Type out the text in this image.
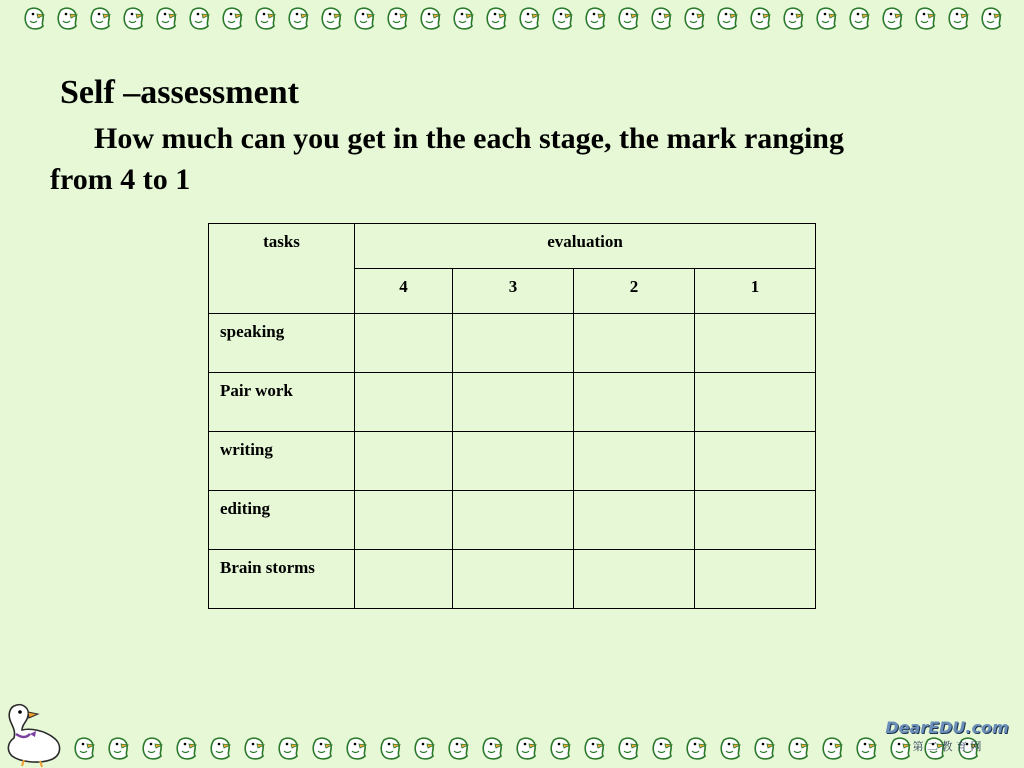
Self –assessment
How much can you get in the each stage, the mark ranging from 4 to 1
tasks	evaluation			
	4	3	2	1
speaking				
Pair work				
writing				
editing				
Brain storms				
DearEDU.com
第 二 教 育 网
